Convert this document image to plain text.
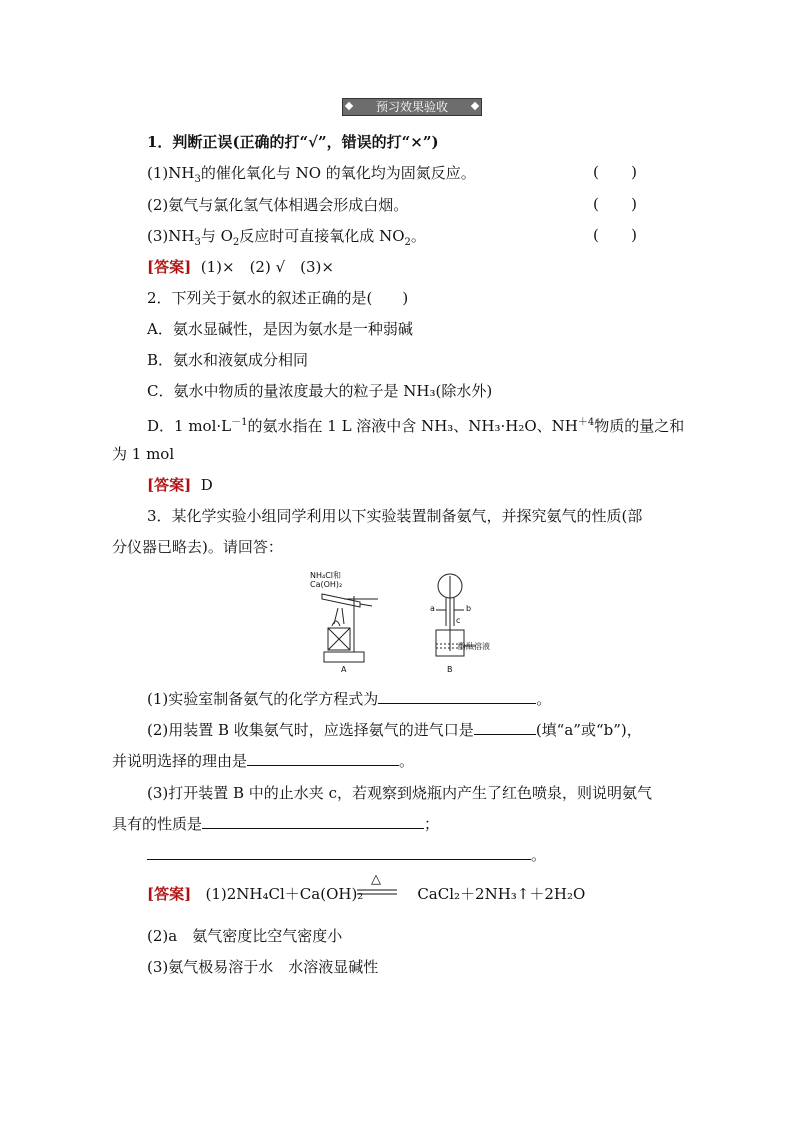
预习效果验收
1．判断正误(正确的打“√”，错误的打“×”)
$(1)NH_3$的催化氧化与 NO 的氧化均为固氮反应。	( )
(2)氨气与氯化氢气体相遇会形成白烟。	( )
$(3)NH_3$与 $O_2$反应时可直接氧化成 $NO_2$。	( )
[答案] (1)×　(2) √　(3)×
2．下列关于氨水的叙述正确的是(　　)
A．氨水显碱性，是因为氨水是一种弱碱
B．氨水和液氨成分相同
C．氨水中物质的量浓度最大的粒子是 NH₃(除水外)
D．1 $mol\cdot L^{-1}$的氨水指在 1 L 溶液中含 NH₃、NH₃·H₂O、$NH^{+4}$物质的量之和
为 1 mol
[答案] D
3．某化学实验小组同学利用以下实验装置制备氨气，并探究氨气的性质(部
分仪器已略去)。请回答：
NH₄Cl和
Ca(OH)₂
A	B
a	b
c
酚酞溶液
(1)实验室制备氨气的化学方程式为	。
(2)用装置 B 收集氨气时，应选择氨气的进气口是	(填“a”或“b”)，
并说明选择的理由是	。
(3)打开装置 B 中的止水夹 c，若观察到烧瓶内产生了红色喷泉，则说明氨气
具有的性质是	；
。
[答案] (1)2NH₄Cl＋Ca(OH)₂	CaCl₂＋2NH₃↑＋2H₂O
△
(2)a　氨气密度比空气密度小
(3)氨气极易溶于水　水溶液显碱性
